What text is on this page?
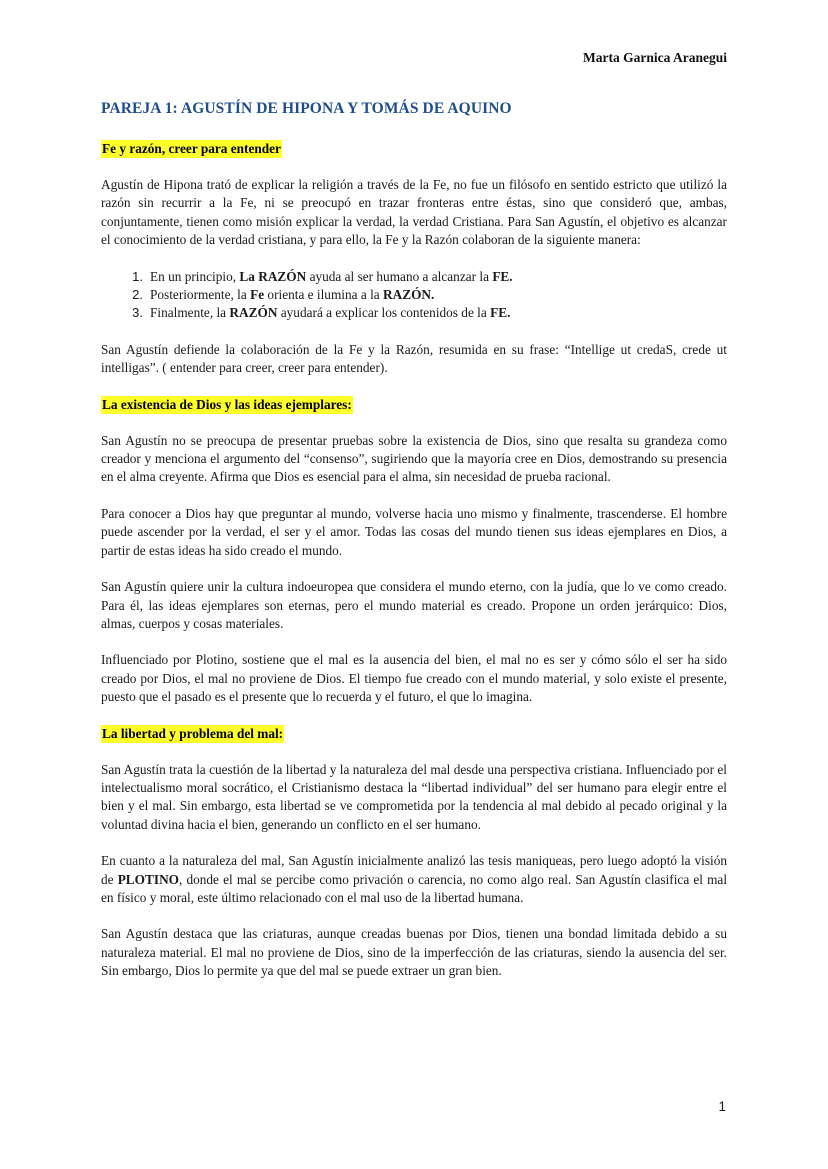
Marta Garnica Aranegui
PAREJA 1: AGUSTÍN DE HIPONA Y TOMÁS DE AQUINO
Fe y razón, creer para entender

Agustín de Hipona trató de explicar la religión a través de la Fe, no fue un filósofo en sentido estricto que utilizó la razón sin recurrir a la Fe, ni se preocupó en trazar fronteras entre éstas, sino que consideró que, ambas, conjuntamente, tienen como misión explicar la verdad, la verdad Cristiana. Para San Agustín, el objetivo es alcanzar el conocimiento de la verdad cristiana, y para ello, la Fe y la Razón colaboran de la siguiente manera:

1. En un principio, La RAZÓN ayuda al ser humano a alcanzar la FE.
2. Posteriormente, la Fe orienta e ilumina a la RAZÓN.
3. Finalmente, la RAZÓN ayudará a explicar los contenidos de la FE.

San Agustín defiende la colaboración de la Fe y la Razón, resumida en su frase: “Intellige ut credaS, crede ut intelligas”. ( entender para creer, creer para entender).

La existencia de Dios y las ideas ejemplares:

San Agustín no se preocupa de presentar pruebas sobre la existencia de Dios, sino que resalta su grandeza como creador y menciona el argumento del “consenso”, sugiriendo que la mayoría cree en Dios, demostrando su presencia en el alma creyente. Afirma que Dios es esencial para el alma, sin necesidad de prueba racional.

Para conocer a Dios hay que preguntar al mundo, volverse hacia uno mismo y finalmente, trascenderse. El hombre puede ascender por la verdad, el ser y el amor. Todas las cosas del mundo tienen sus ideas ejemplares en Dios, a partir de estas ideas ha sido creado el mundo.

San Agustín quiere unir la cultura indoeuropea que considera el mundo eterno, con la judía, que lo ve como creado. Para él, las ideas ejemplares son eternas, pero el mundo material es creado. Propone un orden jerárquico: Dios, almas, cuerpos y cosas materiales.

Influenciado por Plotino, sostiene que el mal es la ausencia del bien, el mal no es ser y cómo sólo el ser ha sido creado por Dios, el mal no proviene de Dios. El tiempo fue creado con el mundo material, y solo existe el presente, puesto que el pasado es el presente que lo recuerda y el futuro, el que lo imagina.

La libertad y problema del mal:

San Agustín trata la cuestión de la libertad y la naturaleza del mal desde una perspectiva cristiana. Influenciado por el intelectualismo moral socrático, el Cristianismo destaca la “libertad individual” del ser humano para elegir entre el bien y el mal. Sin embargo, esta libertad se ve comprometida por la tendencia al mal debido al pecado original y la voluntad divina hacia el bien, generando un conflicto en el ser humano.

En cuanto a la naturaleza del mal, San Agustín inicialmente analizó las tesis maniqueas, pero luego adoptó la visión de PLOTINO, donde el mal se percibe como privación o carencia, no como algo real. San Agustín clasifica el mal en físico y moral, este último relacionado con el mal uso de la libertad humana.

San Agustín destaca que las criaturas, aunque creadas buenas por Dios, tienen una bondad limitada debido a su naturaleza material. El mal no proviene de Dios, sino de la imperfección de las criaturas, siendo la ausencia del ser. Sin embargo, Dios lo permite ya que del mal se puede extraer un gran bien.

1
